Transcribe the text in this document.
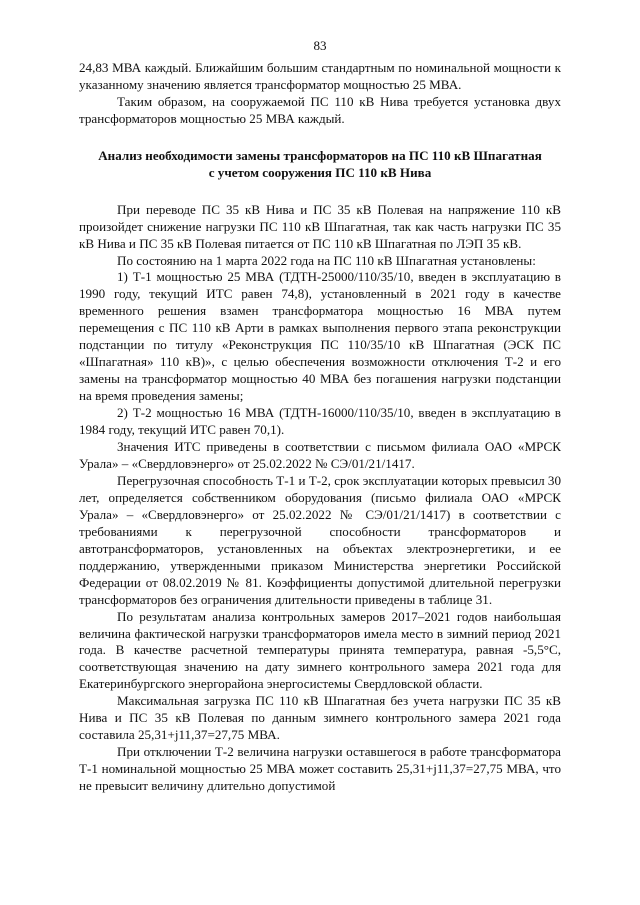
83

24,83 МВА каждый. Ближайшим большим стандартным по номинальной мощности к указанному значению является трансформатор мощностью 25 МВА.

Таким образом, на сооружаемой ПС 110 кВ Нива требуется установка двух трансформаторов мощностью 25 МВА каждый.

Анализ необходимости замены трансформаторов на ПС 110 кВ Шпагатная
с учетом сооружения ПС 110 кВ Нива

При переводе ПС 35 кВ Нива и ПС 35 кВ Полевая на напряжение 110 кВ произойдет снижение нагрузки ПС 110 кВ Шпагатная, так как часть нагрузки ПС 35 кВ Нива и ПС 35 кВ Полевая питается от ПС 110 кВ Шпагатная по ЛЭП 35 кВ.

По состоянию на 1 марта 2022 года на ПС 110 кВ Шпагатная установлены:

1) Т-1 мощностью 25 МВА (ТДТН-25000/110/35/10, введен в эксплуатацию в 1990 году, текущий ИТС равен 74,8), установленный в 2021 году в качестве временного решения взамен трансформатора мощностью 16 МВА путем перемещения с ПС 110 кВ Арти в рамках выполнения первого этапа реконструкции подстанции по титулу «Реконструкция ПС 110/35/10 кВ Шпагатная (ЭСК ПС «Шпагатная» 110 кВ)», с целью обеспечения возможности отключения Т-2 и его замены на трансформатор мощностью 40 МВА без погашения нагрузки подстанции на время проведения замены;

2) Т-2 мощностью 16 МВА (ТДТН-16000/110/35/10, введен в эксплуатацию в 1984 году, текущий ИТС равен 70,1).

Значения ИТС приведены в соответствии с письмом филиала ОАО «МРСК Урала» – «Свердловэнерго» от 25.02.2022 № СЭ/01/21/1417.

Перегрузочная способность Т-1 и Т-2, срок эксплуатации которых превысил 30 лет, определяется собственником оборудования (письмо филиала ОАО «МРСК Урала» – «Свердловэнерго» от 25.02.2022 № СЭ/01/21/1417) в соответствии с требованиями к перегрузочной способности трансформаторов и автотрансформаторов, установленных на объектах электроэнергетики, и ее поддержанию, утвержденными приказом Министерства энергетики Российской Федерации от 08.02.2019 № 81. Коэффициенты допустимой длительной перегрузки трансформаторов без ограничения длительности приведены в таблице 31.

По результатам анализа контрольных замеров 2017–2021 годов наибольшая величина фактической нагрузки трансформаторов имела место в зимний период 2021 года. В качестве расчетной температуры принята температура, равная -5,5°С, соответствующая значению на дату зимнего контрольного замера 2021 года для Екатеринбургского энергорайона энергосистемы Свердловской области.

Максимальная загрузка ПС 110 кВ Шпагатная без учета нагрузки ПС 35 кВ Нива и ПС 35 кВ Полевая по данным зимнего контрольного замера 2021 года составила 25,31+j11,37=27,75 МВА.

При отключении Т-2 величина нагрузки оставшегося в работе трансформатора Т-1 номинальной мощностью 25 МВА может составить 25,31+j11,37=27,75 МВА, что не превысит величину длительно допустимой
